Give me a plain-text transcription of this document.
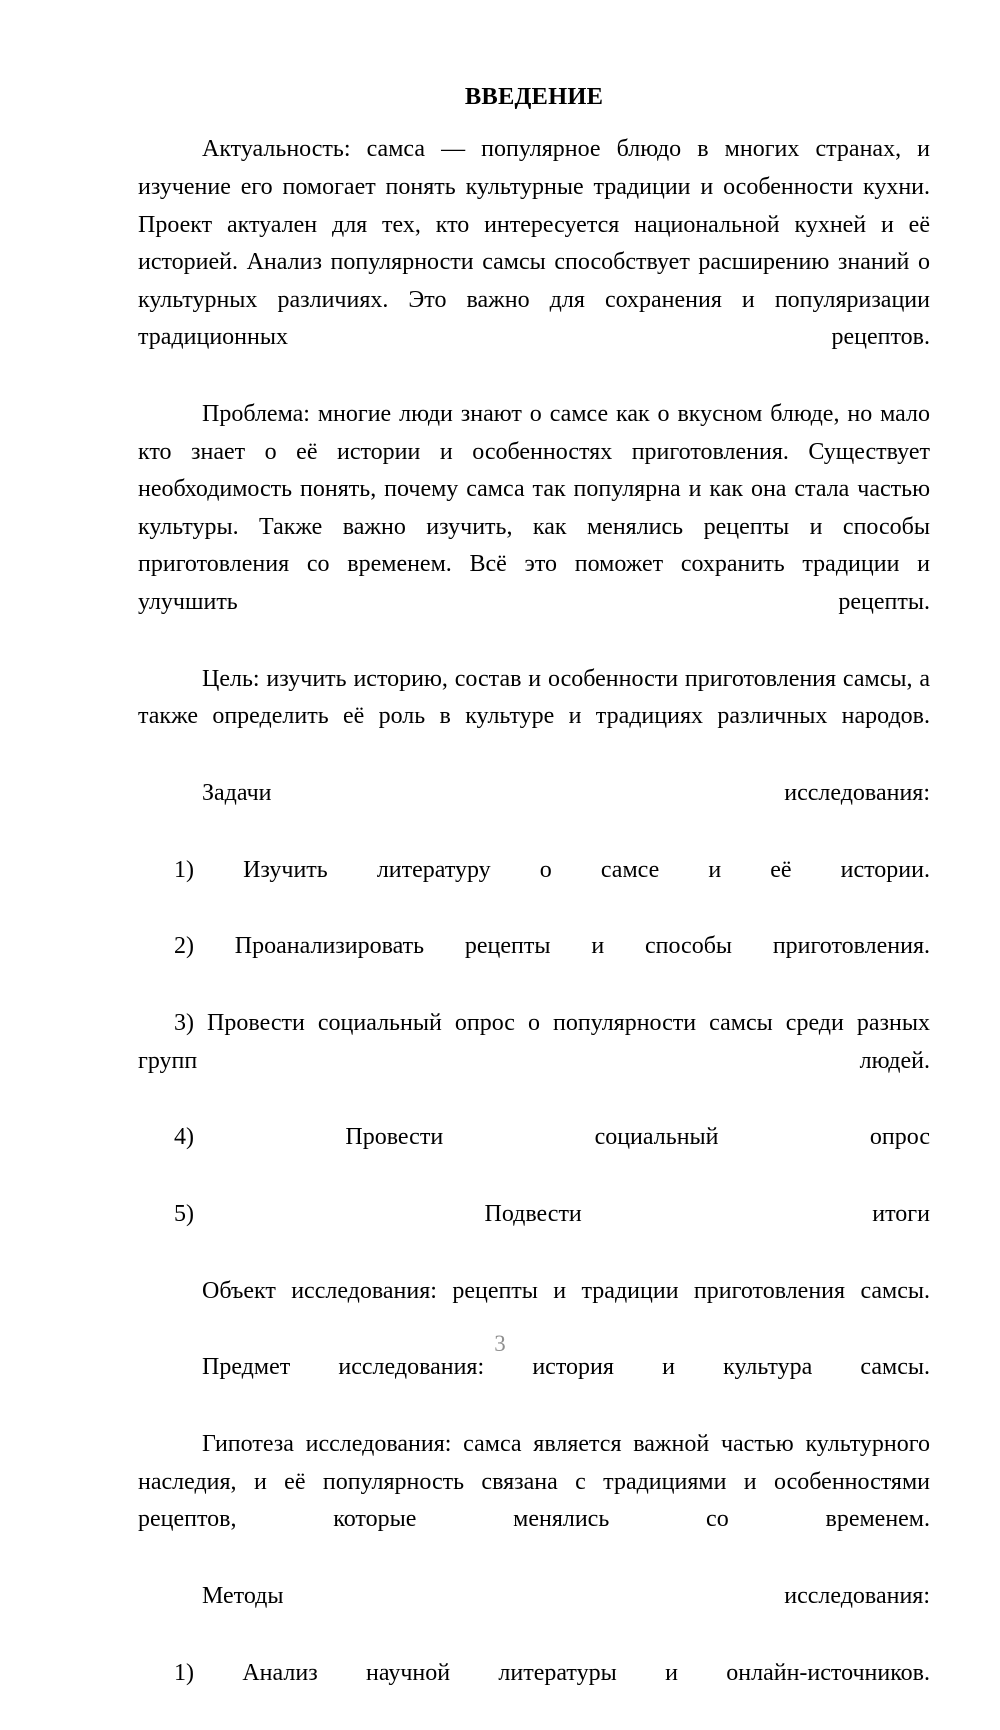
ВВЕДЕНИЕ

Актуальность: самса — популярное блюдо в многих странах, и изучение его помогает понять культурные традиции и особенности кухни. Проект актуален для тех, кто интересуется национальной кухней и её историей. Анализ популярности самсы способствует расширению знаний о культурных различиях. Это важно для сохранения и популяризации традиционных рецептов.

Проблема: многие люди знают о самсе как о вкусном блюде, но мало кто знает о её истории и особенностях приготовления. Существует необходимость понять, почему самса так популярна и как она стала частью культуры. Также важно изучить, как менялись рецепты и способы приготовления со временем. Всё это поможет сохранить традиции и улучшить рецепты.

Цель: изучить историю, состав и особенности приготовления самсы, а также определить её роль в культуре и традициях различных народов.

Задачи исследования:

1) Изучить литературу о самсе и её истории.

2) Проанализировать рецепты и способы приготовления.

3) Провести социальный опрос о популярности самсы среди разных групп людей.

4) Провести социальный опрос

5) Подвести итоги

Объект исследования: рецепты и традиции приготовления самсы.

Предмет исследования: история и культура самсы.

Гипотеза исследования: самса является важной частью культурного наследия, и её популярность связана с традициями и особенностями рецептов, которые менялись со временем.

Методы исследования:

1) Анализ научной литературы и онлайн-источников.

3
